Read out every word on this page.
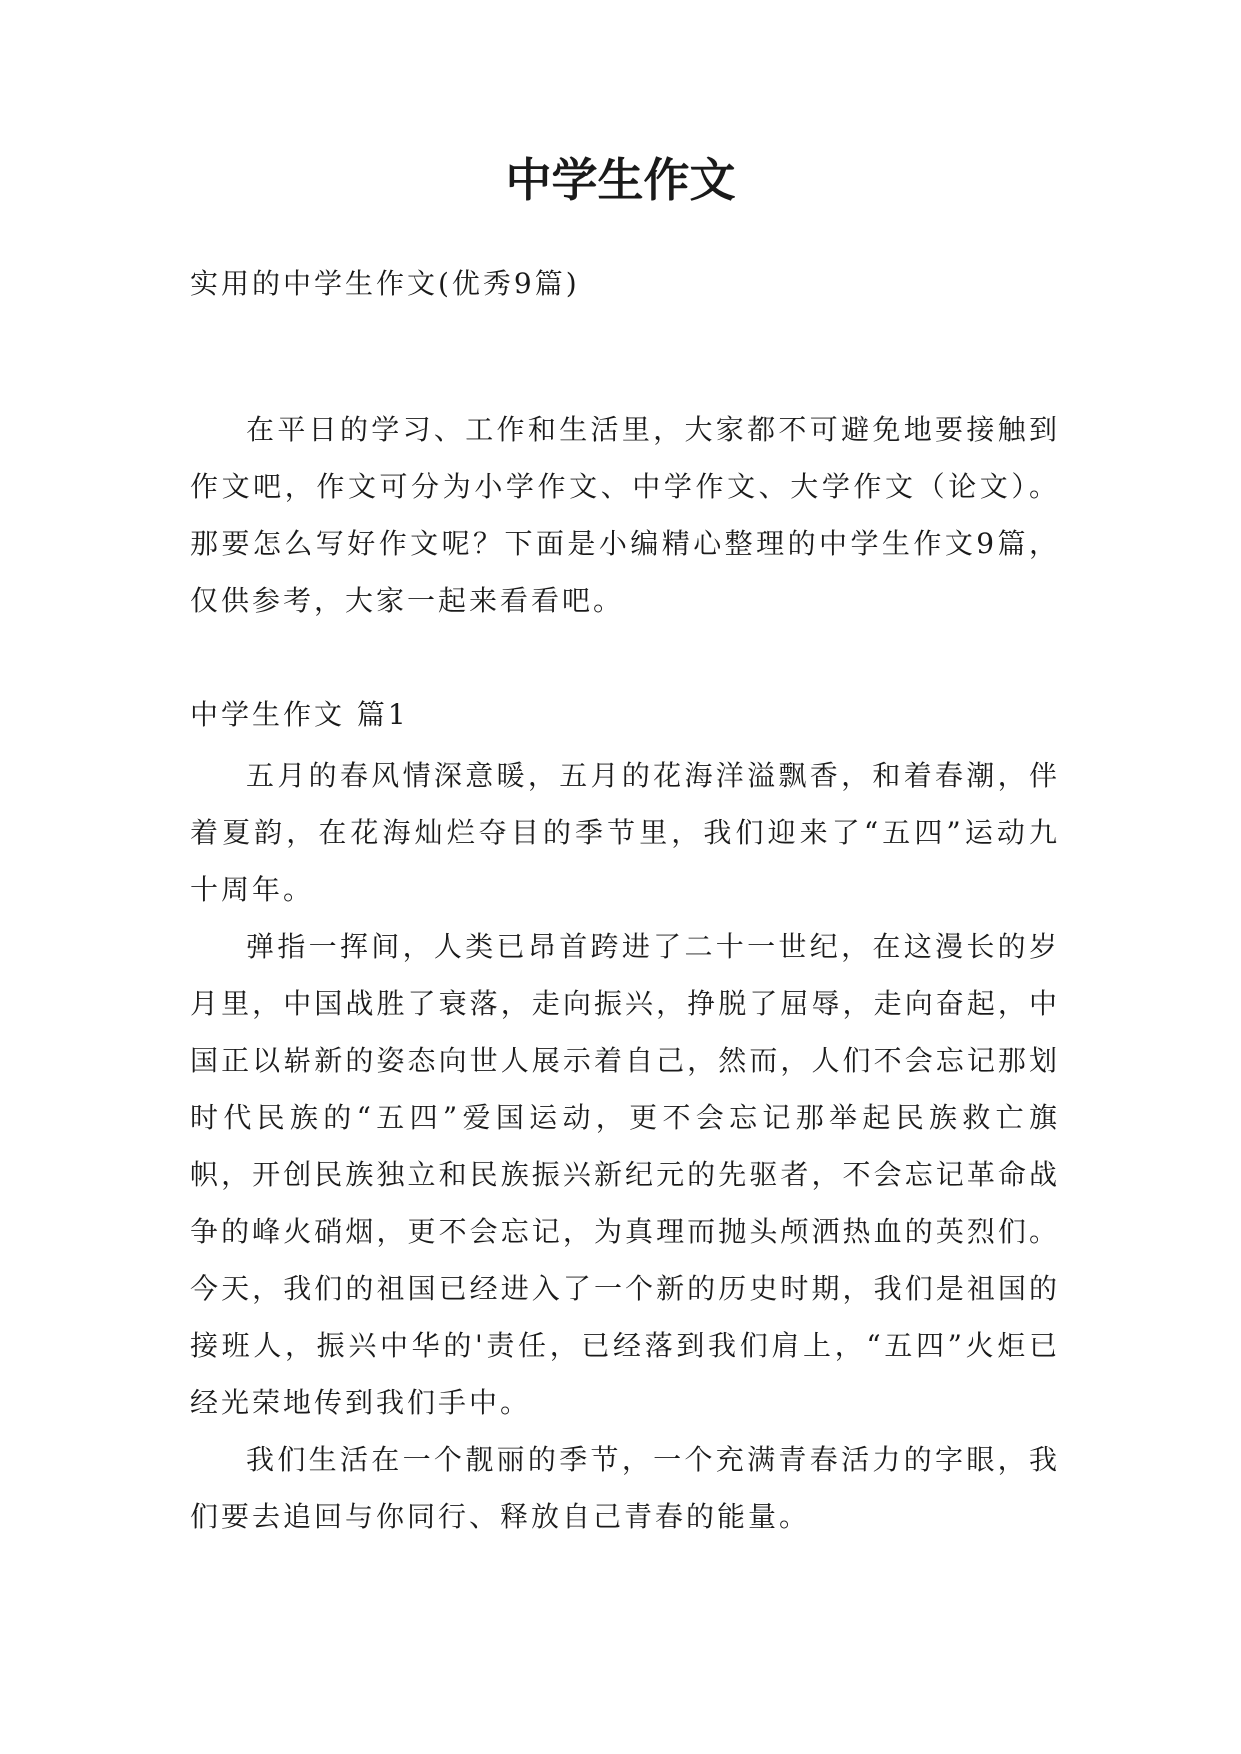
中学生作文

实用的中学生作文(优秀9篇)

在平日的学习、工作和生活里，大家都不可避免地要接触到作文吧，作文可分为小学作文、中学作文、大学作文（论文）。那要怎么写好作文呢？下面是小编精心整理的中学生作文9篇，仅供参考，大家一起来看看吧。

中学生作文 篇1

五月的春风情深意暖，五月的花海洋溢飘香，和着春潮，伴着夏韵，在花海灿烂夺目的季节里，我们迎来了“五四”运动九十周年。

弹指一挥间，人类已昂首跨进了二十一世纪，在这漫长的岁月里，中国战胜了衰落，走向振兴，挣脱了屈辱，走向奋起，中国正以崭新的姿态向世人展示着自己，然而，人们不会忘记那划时代民族的“五四”爱国运动，更不会忘记那举起民族救亡旗帜，开创民族独立和民族振兴新纪元的先驱者，不会忘记革命战争的峰火硝烟，更不会忘记，为真理而抛头颅洒热血的英烈们。今天，我们的祖国已经进入了一个新的历史时期，我们是祖国的接班人，振兴中华的'责任，已经落到我们肩上，“五四”火炬已经光荣地传到我们手中。

我们生活在一个靓丽的季节，一个充满青春活力的字眼，我们要去追回与你同行、释放自己青春的能量。
